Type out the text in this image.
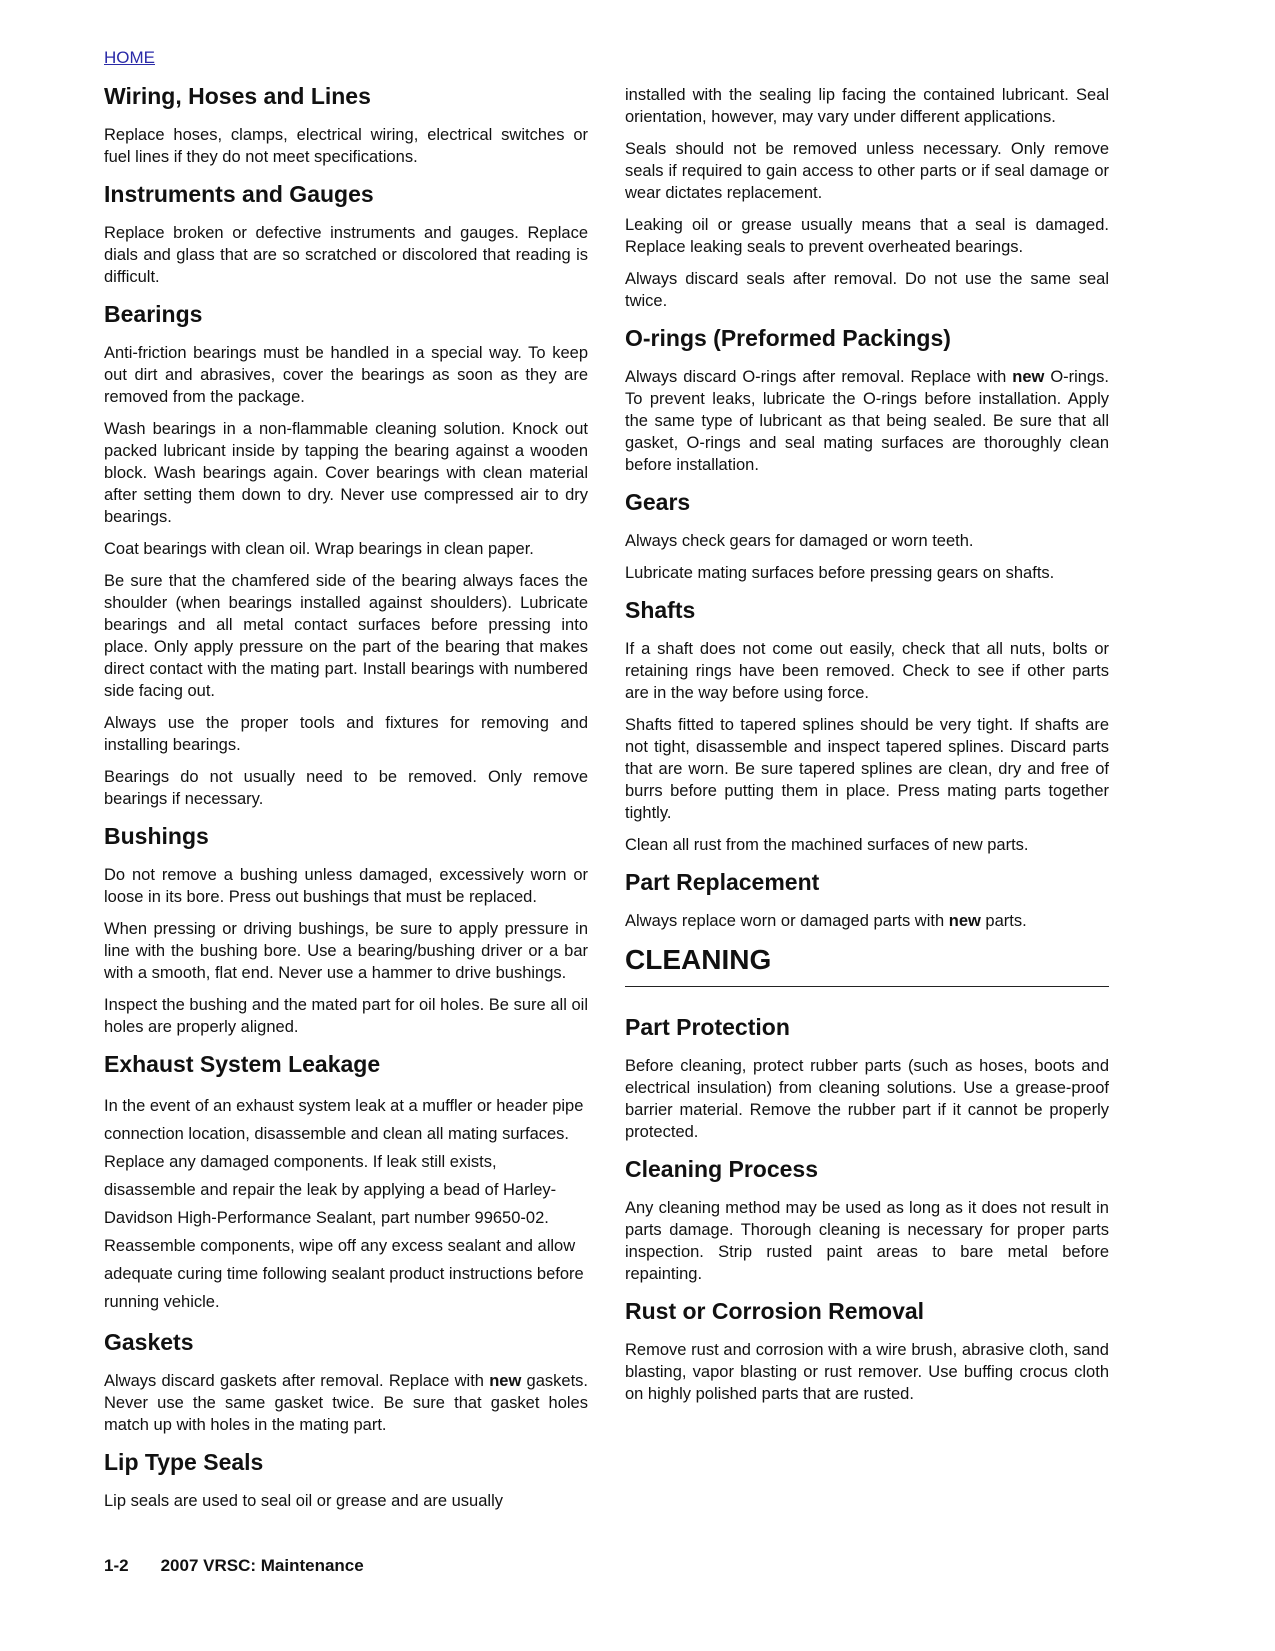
HOME
Wiring, Hoses and Lines

Replace hoses, clamps, electrical wiring, electrical switches or fuel lines if they do not meet specifications.

Instruments and Gauges

Replace broken or defective instruments and gauges. Replace dials and glass that are so scratched or discolored that reading is difficult.

Bearings

Anti-friction bearings must be handled in a special way. To keep out dirt and abrasives, cover the bearings as soon as they are removed from the package.

Wash bearings in a non-flammable cleaning solution. Knock out packed lubricant inside by tapping the bearing against a wooden block. Wash bearings again. Cover bearings with clean material after setting them down to dry. Never use compressed air to dry bearings.

Coat bearings with clean oil. Wrap bearings in clean paper.

Be sure that the chamfered side of the bearing always faces the shoulder (when bearings installed against shoulders). Lubricate bearings and all metal contact surfaces before pressing into place. Only apply pressure on the part of the bearing that makes direct contact with the mating part. Install bearings with numbered side facing out.

Always use the proper tools and fixtures for removing and installing bearings.

Bearings do not usually need to be removed. Only remove bearings if necessary.

Bushings

Do not remove a bushing unless damaged, excessively worn or loose in its bore. Press out bushings that must be replaced.

When pressing or driving bushings, be sure to apply pressure in line with the bushing bore. Use a bearing/bushing driver or a bar with a smooth, flat end. Never use a hammer to drive bushings.

Inspect the bushing and the mated part for oil holes. Be sure all oil holes are properly aligned.

Exhaust System Leakage

In the event of an exhaust system leak at a muffler or header pipe connection location, disassemble and clean all mating surfaces. Replace any damaged components. If leak still exists, disassemble and repair the leak by applying a bead of Harley-Davidson High-Performance Sealant, part number 99650-02. Reassemble components, wipe off any excess sealant and allow adequate curing time following sealant product instructions before running vehicle.

Gaskets

Always discard gaskets after removal. Replace with new gaskets. Never use the same gasket twice. Be sure that gasket holes match up with holes in the mating part.

Lip Type Seals

Lip seals are used to seal oil or grease and are usually

installed with the sealing lip facing the contained lubricant. Seal orientation, however, may vary under different applications.

Seals should not be removed unless necessary. Only remove seals if required to gain access to other parts or if seal damage or wear dictates replacement.

Leaking oil or grease usually means that a seal is damaged. Replace leaking seals to prevent overheated bearings.

Always discard seals after removal. Do not use the same seal twice.

O-rings (Preformed Packings)

Always discard O-rings after removal. Replace with new O-rings. To prevent leaks, lubricate the O-rings before installation. Apply the same type of lubricant as that being sealed. Be sure that all gasket, O-rings and seal mating surfaces are thoroughly clean before installation.

Gears

Always check gears for damaged or worn teeth.

Lubricate mating surfaces before pressing gears on shafts.

Shafts

If a shaft does not come out easily, check that all nuts, bolts or retaining rings have been removed. Check to see if other parts are in the way before using force.

Shafts fitted to tapered splines should be very tight. If shafts are not tight, disassemble and inspect tapered splines. Discard parts that are worn. Be sure tapered splines are clean, dry and free of burrs before putting them in place. Press mating parts together tightly.

Clean all rust from the machined surfaces of new parts.

Part Replacement

Always replace worn or damaged parts with new parts.

CLEANING
Part Protection

Before cleaning, protect rubber parts (such as hoses, boots and electrical insulation) from cleaning solutions. Use a grease-proof barrier material. Remove the rubber part if it cannot be properly protected.

Cleaning Process

Any cleaning method may be used as long as it does not result in parts damage. Thorough cleaning is necessary for proper parts inspection. Strip rusted paint areas to bare metal before repainting.

Rust or Corrosion Removal

Remove rust and corrosion with a wire brush, abrasive cloth, sand blasting, vapor blasting or rust remover. Use buffing crocus cloth on highly polished parts that are rusted.

1-2 2007 VRSC: Maintenance
